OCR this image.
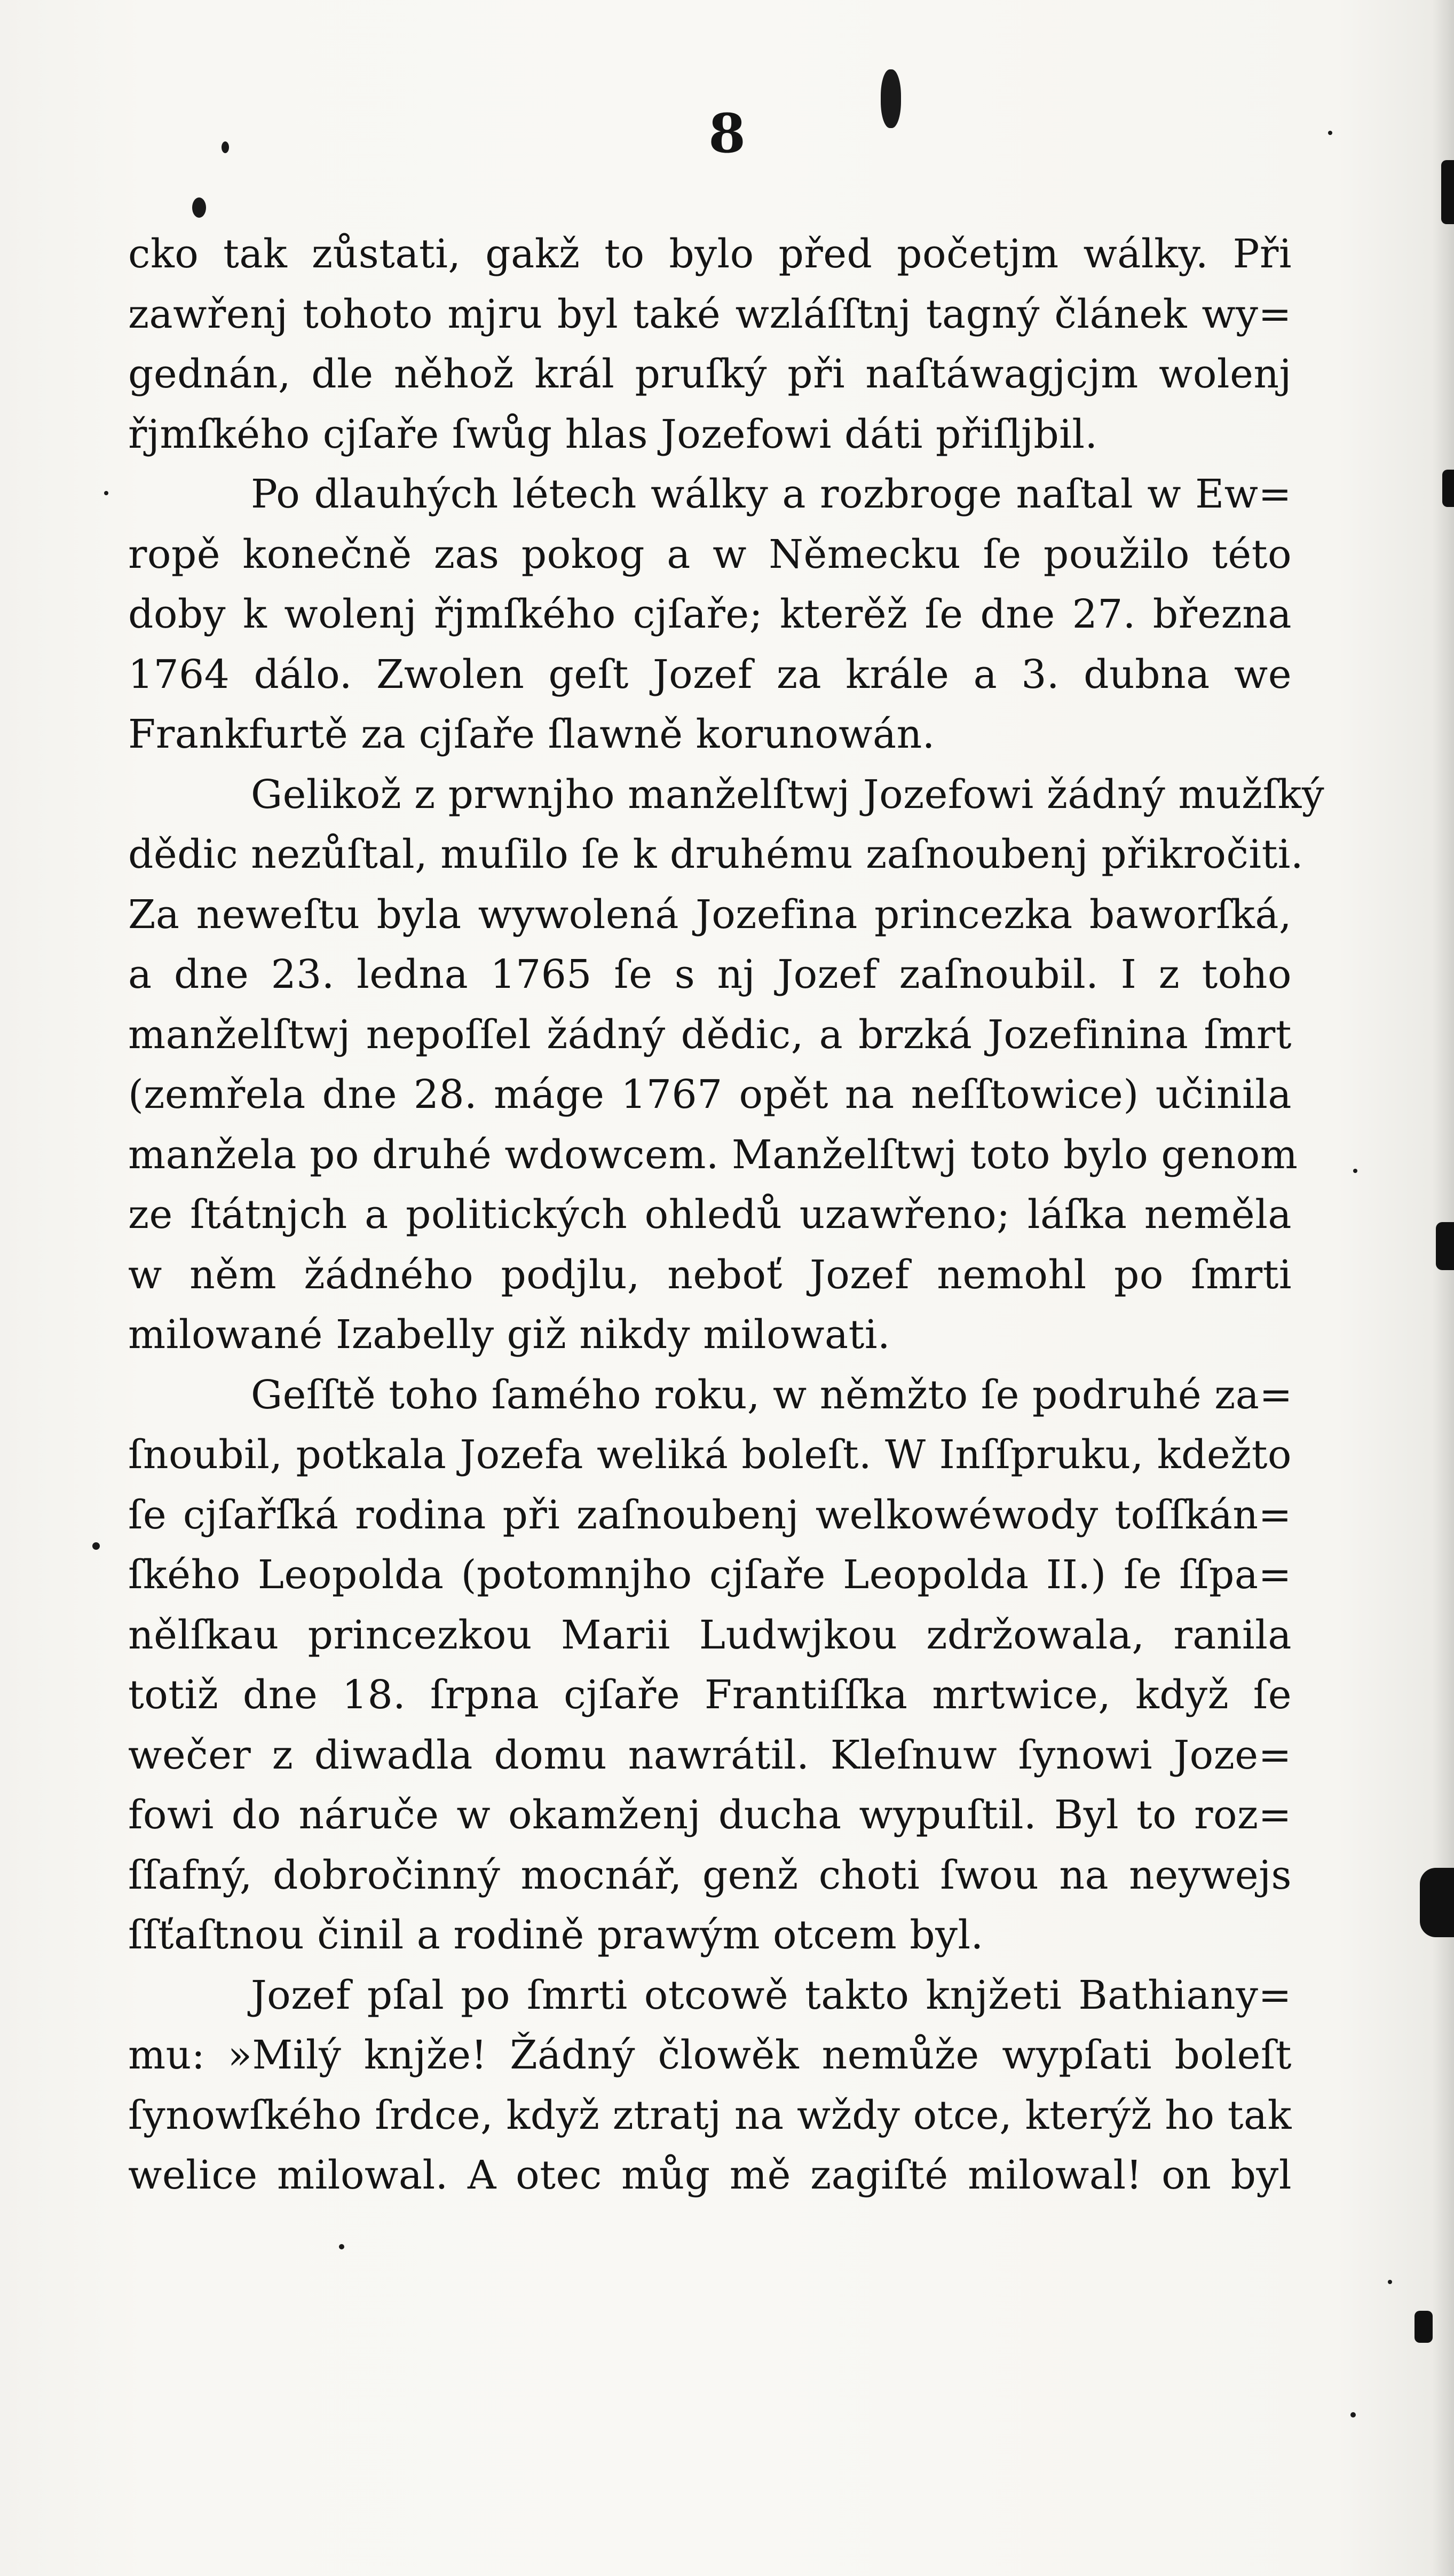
8
cko tak zůstati, gakž to bylo před početjm wálky. Při
zawřenj tohoto mjru byl také wzláſſtnj tagný článek wy=
gednán, dle něhož král pruſký při naſtáwagjcjm wolenj
řjmſkého cjſaře ſwůg hlas Jozefowi dáti přiſljbil.
Po dlauhých létech wálky a rozbroge naſtal w Ew=
ropě konečně zas pokog a w Německu ſe použilo této
doby k wolenj řjmſkého cjſaře; kterěž ſe dne 27. března
1764 dálo. Zwolen geſt Jozef za krále a 3. dubna we
Frankfurtě za cjſaře ſlawně korunowán.
Gelikož z prwnjho manželſtwj Jozefowi žádný mužſký
dědic nezůſtal, muſilo ſe k druhému zaſnoubenj přikročiti.
Za neweſtu byla wywolená Jozefina princezka baworſká,
a dne 23. ledna 1765 ſe s nj Jozef zaſnoubil. I z toho
manželſtwj nepoſſel žádný dědic, a brzká Jozefinina ſmrt
(zemřela dne 28. máge 1767 opět na neſſtowice) učinila
manžela po druhé wdowcem. Manželſtwj toto bylo genom
ze ſtátnjch a politických ohledů uzawřeno; láſka neměla
w něm žádného podjlu, neboť Jozef nemohl po ſmrti
milowané Izabelly giž nikdy milowati.
Geſſtě toho ſamého roku, w němžto ſe podruhé za=
ſnoubil, potkala Jozefa weliká boleſt. W Inſſpruku, kdežto
ſe cjſařſká rodina při zaſnoubenj welkowéwody toſſkán=
ſkého Leopolda (potomnjho cjſaře Leopolda II.) ſe ſſpa=
nělſkau princezkou Marii Ludwjkou zdržowala, ranila
totiž dne 18. ſrpna cjſaře Frantiſſka mrtwice, když ſe
wečer z diwadla domu nawrátil. Kleſnuw ſynowi Joze=
fowi do náruče w okamženj ducha wypuſtil. Byl to roz=
ſſafný, dobročinný mocnář, genž choti ſwou na neywejs
ſſťaſtnou činil a rodině prawým otcem byl.
Jozef pſal po ſmrti otcowě takto knjžeti Bathiany=
mu: »Milý knjže! Žádný člowěk nemůže wypſati boleſt
ſynowſkého ſrdce, když ztratj na wždy otce, kterýž ho tak
welice milowal. A otec můg mě zagiſté milowal! on byl
